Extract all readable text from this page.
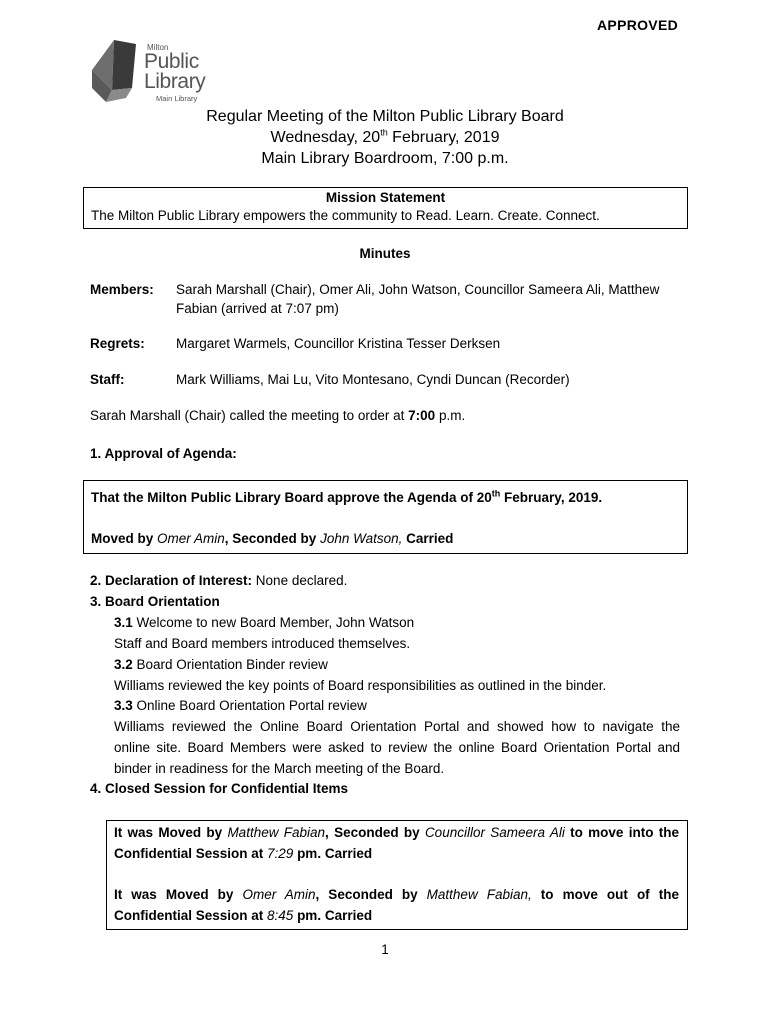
APPROVED
Milton
Public
Library
Main Library
Regular Meeting of the Milton Public Library Board
Wednesday, 20th February, 2019
Main Library Boardroom, 7:00 p.m.
Mission Statement
The Milton Public Library empowers the community to Read. Learn. Create. Connect.
Minutes
Members: Sarah Marshall (Chair), Omer Ali, John Watson, Councillor Sameera Ali, Matthew
Fabian (arrived at 7:07 pm)
Regrets: Margaret Warmels, Councillor Kristina Tesser Derksen
Staff:	Mark Williams, Mai Lu, Vito Montesano, Cyndi Duncan (Recorder)
Sarah Marshall (Chair) called the meeting to order at 7:00 p.m.
1. Approval of Agenda:
That the Milton Public Library Board approve the Agenda of 20th February, 2019.
Moved by Omer Amin, Seconded by John Watson, Carried
2. Declaration of Interest: None declared.
3. Board Orientation
3.1 Welcome to new Board Member, John Watson
Staff and Board members introduced themselves.
3.2 Board Orientation Binder review
Williams reviewed the key points of Board responsibilities as outlined in the binder.
3.3 Online Board Orientation Portal review
Williams reviewed the Online Board Orientation Portal and showed how to navigate the
online site. Board Members were asked to review the online Board Orientation Portal and
binder in readiness for the March meeting of the Board.
4. Closed Session for Confidential Items
It was Moved by Matthew Fabian, Seconded by Councillor Sameera Ali to move into the
Confidential Session at 7:29 pm. Carried
It was Moved by Omer Amin, Seconded by Matthew Fabian, to move out of the
Confidential Session at 8:45 pm. Carried
1
